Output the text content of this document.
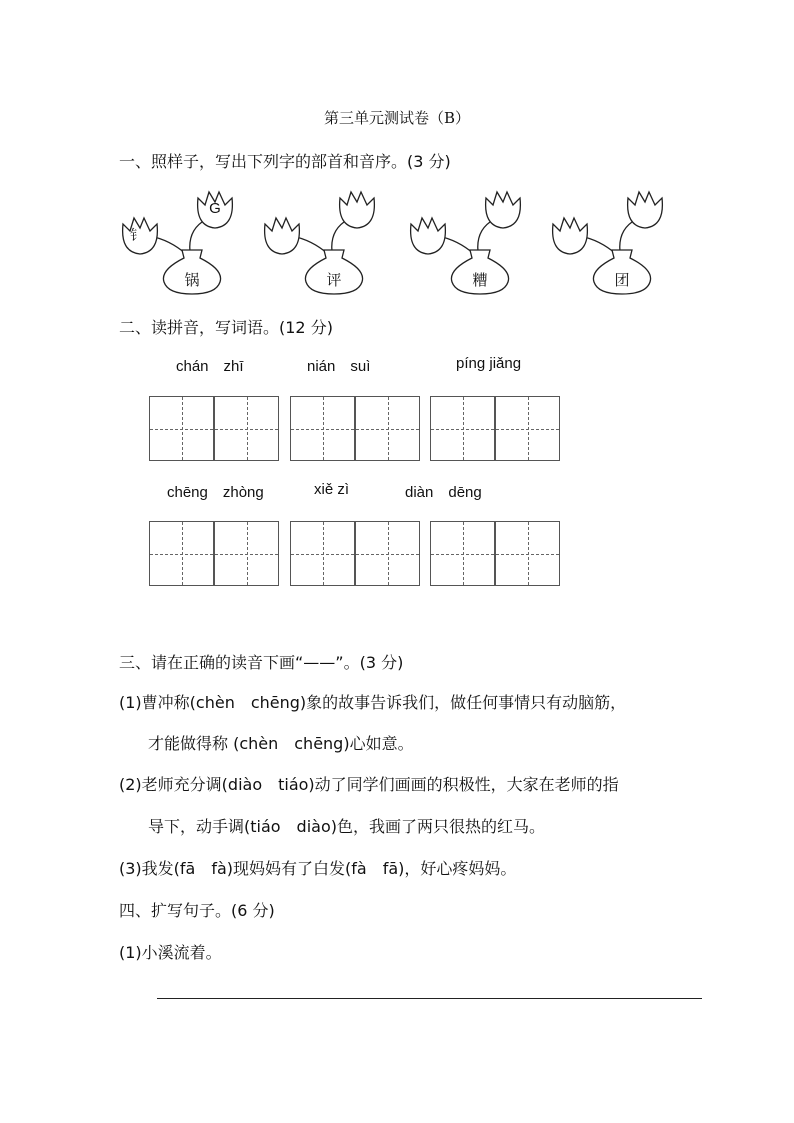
第三单元测试卷（B）
一、照样子，写出下列字的部首和音序。(3 分)
锅
G
钅
评	糟	团
二、读拼音，写词语。(12 分)
chán　zhī	nián　suì	píng jiǎng
chēng　zhòng	xiě zì	diàn　dēng
三、请在正确的读音下画“——”。(3 分)
(1)曹冲称(chèn　chēng)象的故事告诉我们，做任何事情只有动脑筋，
才能做得称 (chèn　chēng)心如意。
(2)老师充分调(diào　tiáo)动了同学们画画的积极性，大家在老师的指
导下，动手调(tiáo　diào)色，我画了两只很热的红马。
(3)我发(fā　fà)现妈妈有了白发(fà　fā)，好心疼妈妈。
四、扩写句子。(6 分)
(1)小溪流着。
